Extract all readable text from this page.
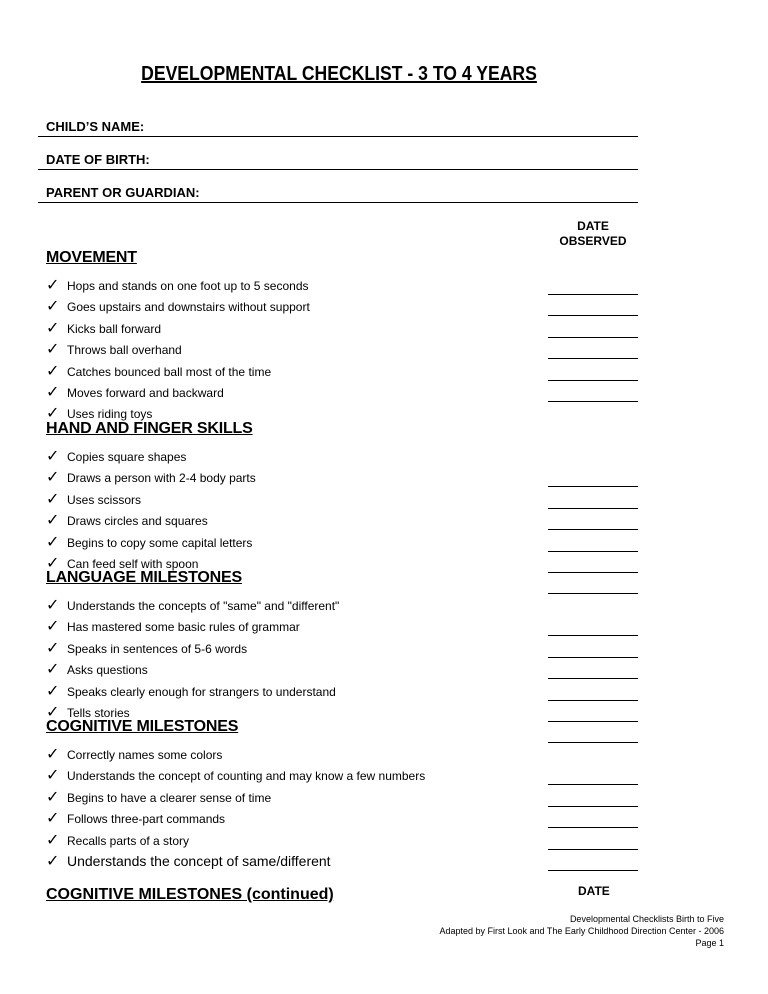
DEVELOPMENTAL CHECKLIST - 3 TO 4 YEARS
CHILD’S NAME:
DATE OF BIRTH:
PARENT OR GUARDIAN:
DATE
OBSERVED
MOVEMENT
✓ Hops and stands on one foot up to 5 seconds
✓ Goes upstairs and downstairs without support
✓ Kicks ball forward
✓ Throws ball overhand
✓ Catches bounced ball most of the time
✓ Moves forward and backward
✓ Uses riding toys
HAND AND FINGER SKILLS
✓ Copies square shapes
✓ Draws a person with 2-4 body parts
✓ Uses scissors
✓ Draws circles and squares
✓ Begins to copy some capital letters
✓ Can feed self with spoon
LANGUAGE MILESTONES
✓ Understands the concepts of "same" and "different"
✓ Has mastered some basic rules of grammar
✓ Speaks in sentences of 5-6 words
✓ Asks questions
✓ Speaks clearly enough for strangers to understand
✓ Tells stories
COGNITIVE MILESTONES
✓ Correctly names some colors
✓ Understands the concept of counting and may know a few numbers
✓ Begins to have a clearer sense of time
✓ Follows three-part commands
✓ Recalls parts of a story
✓ Understands the concept of same/different
COGNITIVE MILESTONES (continued)	DATE
Developmental Checklists Birth to Five
Adapted by First Look and The Early Childhood Direction Center - 2006
Page 1
